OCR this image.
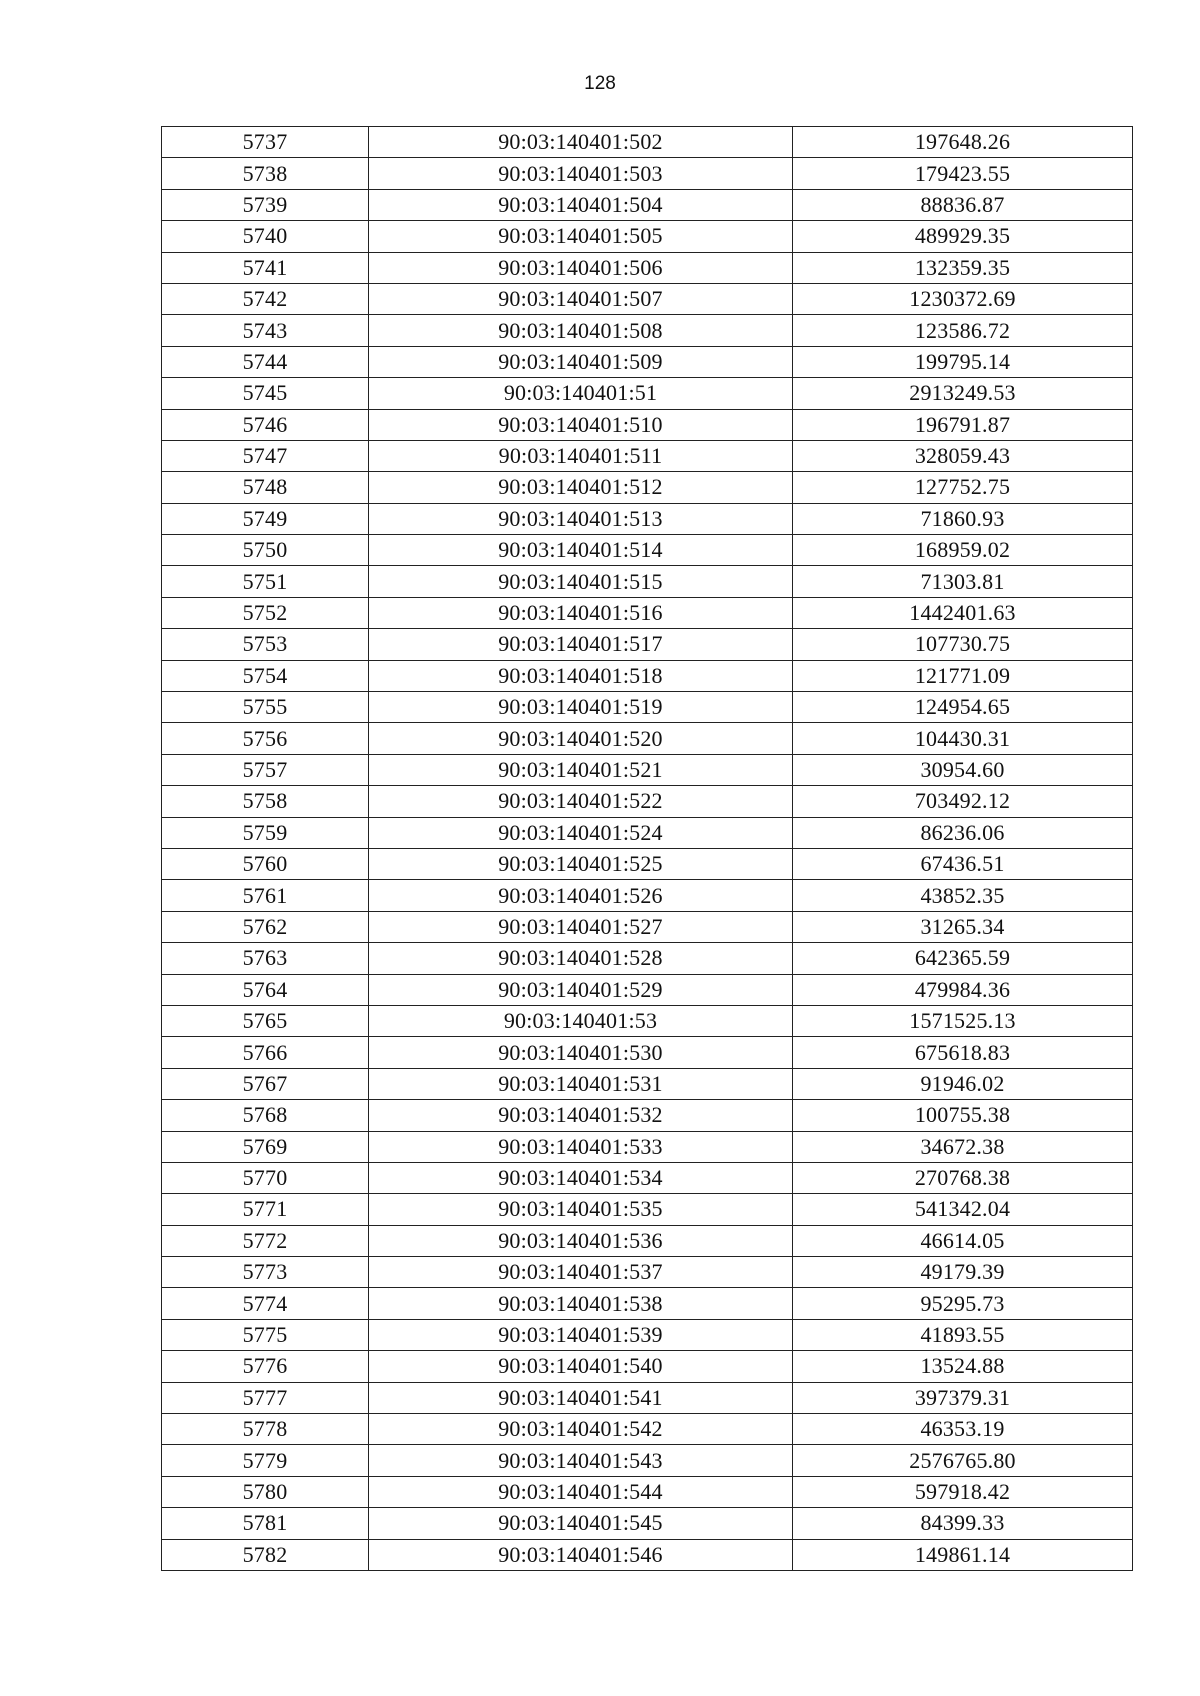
128
5737	90:03:140401:502	197648.26
5738	90:03:140401:503	179423.55
5739	90:03:140401:504	88836.87
5740	90:03:140401:505	489929.35
5741	90:03:140401:506	132359.35
5742	90:03:140401:507	1230372.69
5743	90:03:140401:508	123586.72
5744	90:03:140401:509	199795.14
5745	90:03:140401:51	2913249.53
5746	90:03:140401:510	196791.87
5747	90:03:140401:511	328059.43
5748	90:03:140401:512	127752.75
5749	90:03:140401:513	71860.93
5750	90:03:140401:514	168959.02
5751	90:03:140401:515	71303.81
5752	90:03:140401:516	1442401.63
5753	90:03:140401:517	107730.75
5754	90:03:140401:518	121771.09
5755	90:03:140401:519	124954.65
5756	90:03:140401:520	104430.31
5757	90:03:140401:521	30954.60
5758	90:03:140401:522	703492.12
5759	90:03:140401:524	86236.06
5760	90:03:140401:525	67436.51
5761	90:03:140401:526	43852.35
5762	90:03:140401:527	31265.34
5763	90:03:140401:528	642365.59
5764	90:03:140401:529	479984.36
5765	90:03:140401:53	1571525.13
5766	90:03:140401:530	675618.83
5767	90:03:140401:531	91946.02
5768	90:03:140401:532	100755.38
5769	90:03:140401:533	34672.38
5770	90:03:140401:534	270768.38
5771	90:03:140401:535	541342.04
5772	90:03:140401:536	46614.05
5773	90:03:140401:537	49179.39
5774	90:03:140401:538	95295.73
5775	90:03:140401:539	41893.55
5776	90:03:140401:540	13524.88
5777	90:03:140401:541	397379.31
5778	90:03:140401:542	46353.19
5779	90:03:140401:543	2576765.80
5780	90:03:140401:544	597918.42
5781	90:03:140401:545	84399.33
5782	90:03:140401:546	149861.14
